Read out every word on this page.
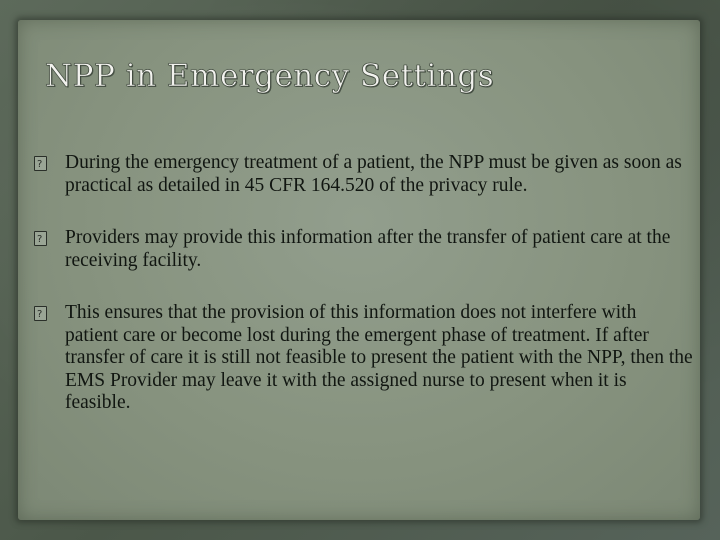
NPP in Emergency Settings
?
During the emergency treatment of a patient, the NPP must be given as soon as practical as detailed in 45 CFR 164.520 of the privacy rule.
?
Providers may provide this information after the transfer of patient care at the receiving facility.
?
This ensures that the provision of this information does not interfere with patient care or become lost during the emergent phase of treatment. If after transfer of care it is still not feasible to present the patient with the NPP, then the EMS Provider may leave it with the assigned nurse to present when it is feasible.
